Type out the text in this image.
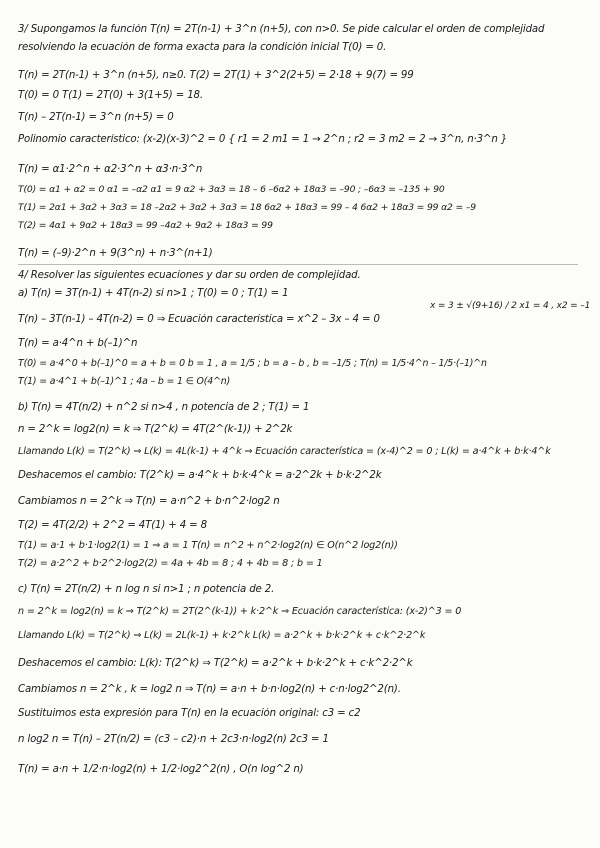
3/ Supongamos la función T(n) = 2T(n-1) + 3^n (n+5), con n>0. Se pide calcular el orden de complejidad
resolviendo la ecuación de forma exacta para la condición inicial T(0) = 0.
T(n) = 2T(n-1) + 3^n (n+5), n≥0. T(2) = 2T(1) + 3^2(2+5) = 2·18 + 9(7) = 99
T(0) = 0 T(1) = 2T(0) + 3(1+5) = 18.
T(n) – 2T(n-1) = 3^n (n+5) = 0
Polinomio característico: (x-2)(x-3)^2 = 0 { r1 = 2 m1 = 1 → 2^n ; r2 = 3 m2 = 2 → 3^n, n·3^n }
T(n) = α1·2^n + α2·3^n + α3·n·3^n
T(0) = α1 + α2 = 0 α1 = –α2 α1 = 9 α2 + 3α3 = 18 – 6 –6α2 + 18α3 = –90 ; –6α3 = –135 + 90
T(1) = 2α1 + 3α2 + 3α3 = 18 –2α2 + 3α2 + 3α3 = 18 6α2 + 18α3 = 99 – 4 6α2 + 18α3 = 99 α2 = –9
T(2) = 4α1 + 9α2 + 18α3 = 99 –4α2 + 9α2 + 18α3 = 99
T(n) = (–9)·2^n + 9(3^n) + n·3^(n+1)
4/ Resolver las siguientes ecuaciones y dar su orden de complejidad.
a) T(n) = 3T(n-1) + 4T(n-2) si n>1 ; T(0) = 0 ; T(1) = 1
x = 3 ± √(9+16) / 2 x1 = 4 , x2 = –1
T(n) – 3T(n-1) – 4T(n-2) = 0 ⇒ Ecuación característica = x^2 – 3x – 4 = 0
T(n) = a·4^n + b(–1)^n
T(0) = a·4^0 + b(–1)^0 = a + b = 0 b = 1 , a = 1/5 ; b = a – b , b = –1/5 ; T(n) = 1/5·4^n – 1/5·(–1)^n
T(1) = a·4^1 + b(–1)^1 ; 4a – b = 1 ∈ O(4^n)
b) T(n) = 4T(n/2) + n^2 si n>4 , n potencia de 2 ; T(1) = 1
n = 2^k = log2(n) = k ⇒ T(2^k) = 4T(2^(k-1)) + 2^2k
Llamando L(k) = T(2^k) ⇒ L(k) = 4L(k-1) + 4^k ⇒ Ecuación característica = (x-4)^2 = 0 ; L(k) = a·4^k + b·k·4^k
Deshacemos el cambio: T(2^k) = a·4^k + b·k·4^k = a·2^2k + b·k·2^2k
Cambiamos n = 2^k ⇒ T(n) = a·n^2 + b·n^2·log2 n
T(2) = 4T(2/2) + 2^2 = 4T(1) + 4 = 8
T(1) = a·1 + b·1·log2(1) = 1 ⇒ a = 1 T(n) = n^2 + n^2·log2(n) ∈ O(n^2 log2(n))
T(2) = a·2^2 + b·2^2·log2(2) = 4a + 4b = 8 ; 4 + 4b = 8 ; b = 1
c) T(n) = 2T(n/2) + n log n si n>1 ; n potencia de 2.
n = 2^k = log2(n) = k ⇒ T(2^k) = 2T(2^(k-1)) + k·2^k ⇒ Ecuación característica: (x-2)^3 = 0
Llamando L(k) = T(2^k) ⇒ L(k) = 2L(k-1) + k·2^k L(k) = a·2^k + b·k·2^k + c·k^2·2^k
Deshacemos el cambio: L(k): T(2^k) ⇒ T(2^k) = a·2^k + b·k·2^k + c·k^2·2^k
Cambiamos n = 2^k , k = log2 n ⇒ T(n) = a·n + b·n·log2(n) + c·n·log2^2(n).
Sustituimos esta expresión para T(n) en la ecuación original: c3 = c2
n log2 n = T(n) – 2T(n/2) = (c3 – c2)·n + 2c3·n·log2(n) 2c3 = 1
T(n) = a·n + 1/2·n·log2(n) + 1/2·log2^2(n) , O(n log^2 n)
